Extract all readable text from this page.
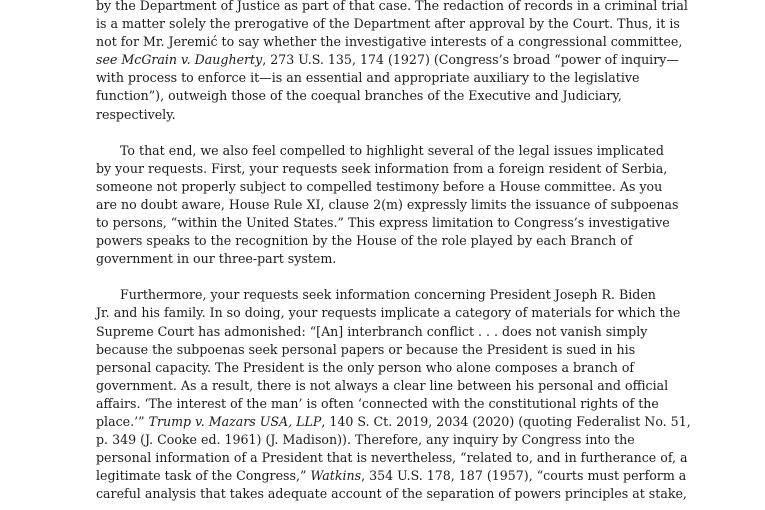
by the Department of Justice as part of that case. The redaction of records in a criminal trial
is a matter solely the prerogative of the Department after approval by the Court. Thus, it is
not for Mr. Jeremić to say whether the investigative interests of a congressional committee,
see McGrain v. Daugherty, 273 U.S. 135, 174 (1927) (Congress’s broad “power of inquiry—
with process to enforce it—is an essential and appropriate auxiliary to the legislative
function”), outweigh those of the coequal branches of the Executive and Judiciary,
respectively.

To that end, we also feel compelled to highlight several of the legal issues implicated
by your requests. First, your requests seek information from a foreign resident of Serbia,
someone not properly subject to compelled testimony before a House committee. As you
are no doubt aware, House Rule XI, clause 2(m) expressly limits the issuance of subpoenas
to persons, “within the United States.” This express limitation to Congress’s investigative
powers speaks to the recognition by the House of the role played by each Branch of
government in our three-part system.

Furthermore, your requests seek information concerning President Joseph R. Biden
Jr. and his family. In so doing, your requests implicate a category of materials for which the
Supreme Court has admonished: “[An] interbranch conflict . . . does not vanish simply
because the subpoenas seek personal papers or because the President is sued in his
personal capacity. The President is the only person who alone composes a branch of
government. As a result, there is not always a clear line between his personal and official
affairs. ‘The interest of the man’ is often ‘connected with the constitutional rights of the
place.’” Trump v. Mazars USA, LLP, 140 S. Ct. 2019, 2034 (2020) (quoting Federalist No. 51,
p. 349 (J. Cooke ed. 1961) (J. Madison)). Therefore, any inquiry by Congress into the
personal information of a President that is nevertheless, “related to, and in furtherance of, a
legitimate task of the Congress,” Watkins, 354 U.S. 178, 187 (1957), “courts must perform a
careful analysis that takes adequate account of the separation of powers principles at stake,
